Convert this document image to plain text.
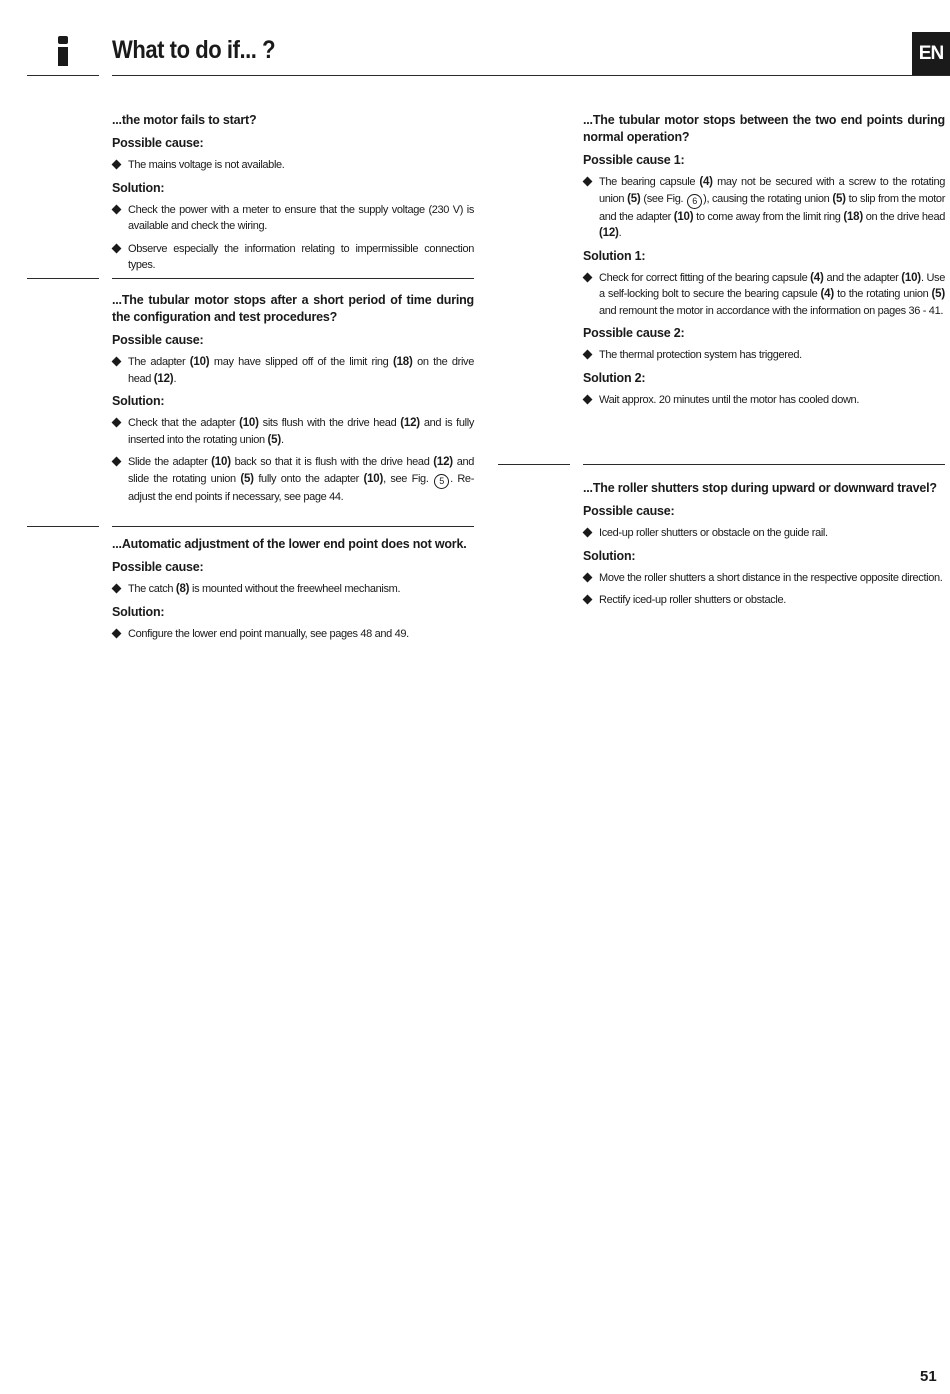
What to do if... ?	EN

...the motor fails to start?

Possible cause:

The mains voltage is not available.

Solution:

Check the power with a meter to ensure that the supply voltage (230 V) is available and check the wiring.

Observe especially the information relating to impermissible connection types.

...The tubular motor stops after a short period of time during the configuration and test procedures?

Possible cause:

The adapter (10) may have slipped off of the limit ring (18) on the drive head (12).

Solution:

Check that the adapter (10) sits flush with the drive head (12) and is fully inserted into the rotating union (5).

Slide the adapter (10) back so that it is flush with the drive head (12) and slide the rotating union (5) fully onto the adapter (10), see Fig. 5 . Re-adjust the end points if necessary, see page 44.

...Automatic adjustment of the lower end point does not work.

Possible cause:

The catch (8) is mounted without the freewheel mechanism.

Solution:

Configure the lower end point manually, see pages 48 and 49.

...The tubular motor stops between the two end points during normal operation?

Possible cause 1:

The bearing capsule (4) may not be secured with a screw to the rotating union (5) (see Fig. 6 ), causing the rotating union (5) to slip from the motor and the adapter (10) to come away from the limit ring (18) on the drive head (12).

Solution 1:

Check for correct fitting of the bearing capsule (4) and the adapter (10). Use a self-locking bolt to secure the bearing capsule (4) to the rotating union (5) and remount the motor in accordance with the information on pages 36 - 41.

Possible cause 2:

The thermal protection system has triggered.

Solution 2:

Wait approx. 20 minutes until the motor has cooled down.

...The roller shutters stop during upward or downward travel?

Possible cause:

Iced-up roller shutters or obstacle on the guide rail.

Solution:

Move the roller shutters a short distance in the respective opposite direction.

Rectify iced-up roller shutters or obstacle.

51
